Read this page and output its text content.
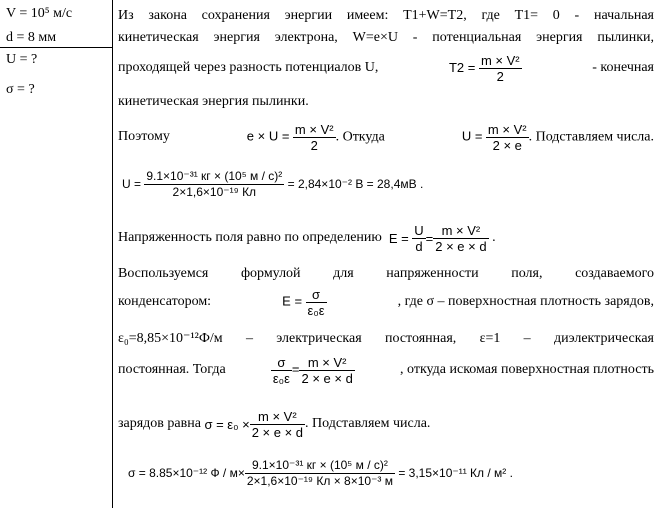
V = 10⁵ м/с
d = 8 мм
U = ?
σ = ?
Из закона сохранения энергии имеем: T1+W=T2, где T1= 0 - начальная
кинетическая энергия электрона, W=e×U - потенциальная энергия пылинки,
проходящей через разность потенциалов U,	$T2 = \frac{\text{m × V²}}{2}$	- конечная
кинетическая энергия пылинки.
Поэтому	$e \times U = \frac{\text{m × V²}}{2}$ . Откуда	$U = \frac{\text{m × V²}}{2 \times e}$ . Подставляем числа.
U =
$\frac{\text{9.1×10⁻³¹ кг × (10⁵ м / с)²}}{\text{2×1,6×10⁻¹⁹ Кл}}$
= 2,84×10⁻² В = 28,4мВ .
Напряженность поля равно по определению
E =
$\frac{U}{d} = \frac{\text{m × V²}}{2 \times e \times d}$ .
Воспользуемся формулой для напряженности поля, создаваемого
конденсатором:	$E = \frac{\sigma}{\text{ε₀ε}}$	, где σ – поверхностная плотность зарядов,
ε₀=8,85×10⁻¹²Ф/м – электрическая постоянная, ε=1 – диэлектрическая
постоянная. Тогда	$\frac{\sigma}{\text{ε₀ε}} = \frac{\text{m × V²}}{2 \times e \times d}$	, откуда искомая поверхностная плотность
зарядов равна
$\sigma = \varepsilon_0 \times \frac{\text{m × V²}}{2 \times e \times d}$ . Подставляем числа.
σ = 8.85×10⁻¹² $Ф / м\times \frac{\text{9.1×10⁻³¹ кг × (10⁵ м / с)²}}{\text{2×1,6×10⁻¹⁹ Кл × 8×10⁻³ м}}$
= 3,15×10⁻¹¹ Кл / м² .
